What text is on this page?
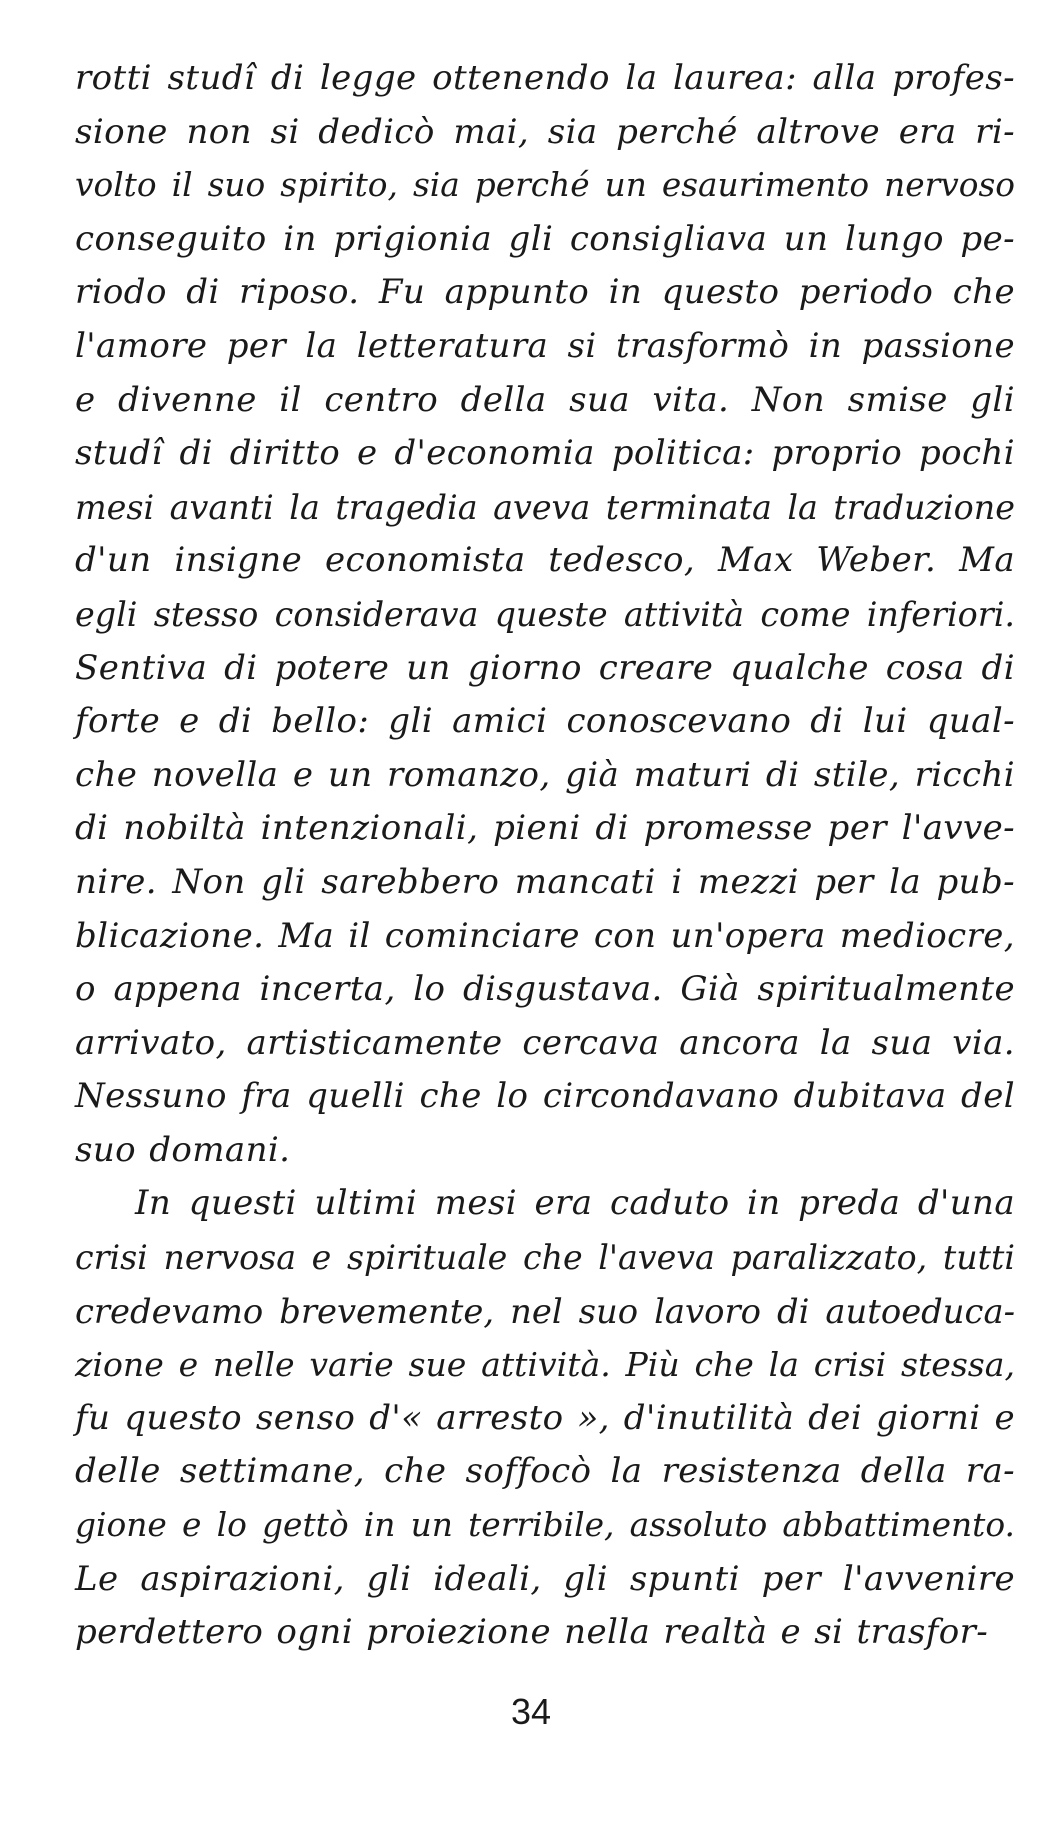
rotti studî di legge ottenendo la laurea: alla profes-
sione non si dedicò mai, sia perché altrove era ri-
volto il suo spirito, sia perché un esaurimento nervoso
conseguito in prigionia gli consigliava un lungo pe-
riodo di riposo. Fu appunto in questo periodo che
l'amore per la letteratura si trasformò in passione
e divenne il centro della sua vita. Non smise gli
studî di diritto e d'economia politica: proprio pochi
mesi avanti la tragedia aveva terminata la traduzione
d'un insigne economista tedesco, Max Weber. Ma
egli stesso considerava queste attività come inferiori.
Sentiva di potere un giorno creare qualche cosa di
forte e di bello: gli amici conoscevano di lui qual-
che novella e un romanzo, già maturi di stile, ricchi
di nobiltà intenzionali, pieni di promesse per l'avve-
nire. Non gli sarebbero mancati i mezzi per la pub-
blicazione. Ma il cominciare con un'opera mediocre,
o appena incerta, lo disgustava. Già spiritualmente
arrivato, artisticamente cercava ancora la sua via.
Nessuno fra quelli che lo circondavano dubitava del
suo domani.
In questi ultimi mesi era caduto in preda d'una
crisi nervosa e spirituale che l'aveva paralizzato, tutti
credevamo brevemente, nel suo lavoro di autoeduca-
zione e nelle varie sue attività. Più che la crisi stessa,
fu questo senso d'« arresto », d'inutilità dei giorni e
delle settimane, che soffocò la resistenza della ra-
gione e lo gettò in un terribile, assoluto abbattimento.
Le aspirazioni, gli ideali, gli spunti per l'avvenire
perdettero ogni proiezione nella realtà e si trasfor-
34
